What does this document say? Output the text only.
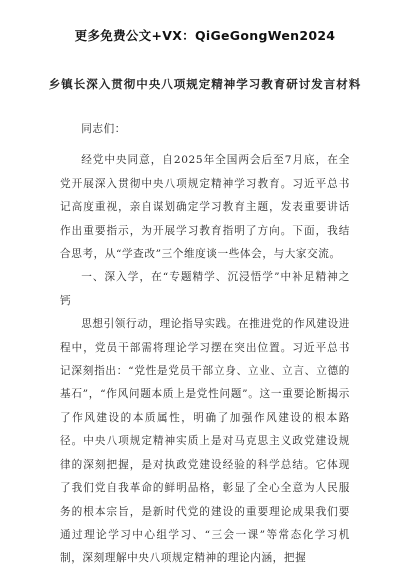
更多免费公文+VX：QiGeGongWen2024
乡镇长深入贯彻中央八项规定精神学习教育研讨发言材料

同志们：

经党中央同意，自2025年全国两会后至7月底，在全党开展深入贯彻中央八项规定精神学习教育。习近平总书记高度重视，亲自谋划确定学习教育主题，发表重要讲话作出重要指示，为开展学习教育指明了方向。下面，我结合思考，从“学查改”三个维度谈一些体会，与大家交流。

一、深入学，在“专题精学、沉浸悟学”中补足精神之钙

思想引领行动，理论指导实践。在推进党的作风建设进程中，党员干部需将理论学习摆在突出位置。习近平总书记深刻指出：“党性是党员干部立身、立业、立言、立德的基石”，“作风问题本质上是党性问题”。这一重要论断揭示了作风建设的本质属性，明确了加强作风建设的根本路径。中央八项规定精神实质上是对马克思主义政党建设规律的深刻把握，是对执政党建设经验的科学总结。它体现了我们党自我革命的鲜明品格，彰显了全心全意为人民服务的根本宗旨，是新时代党的建设的重要理论成果我们要通过理论学习中心组学习、“三会一课”等常态化学习机制，深刻理解中央八项规定精神的理论内涵，把握
